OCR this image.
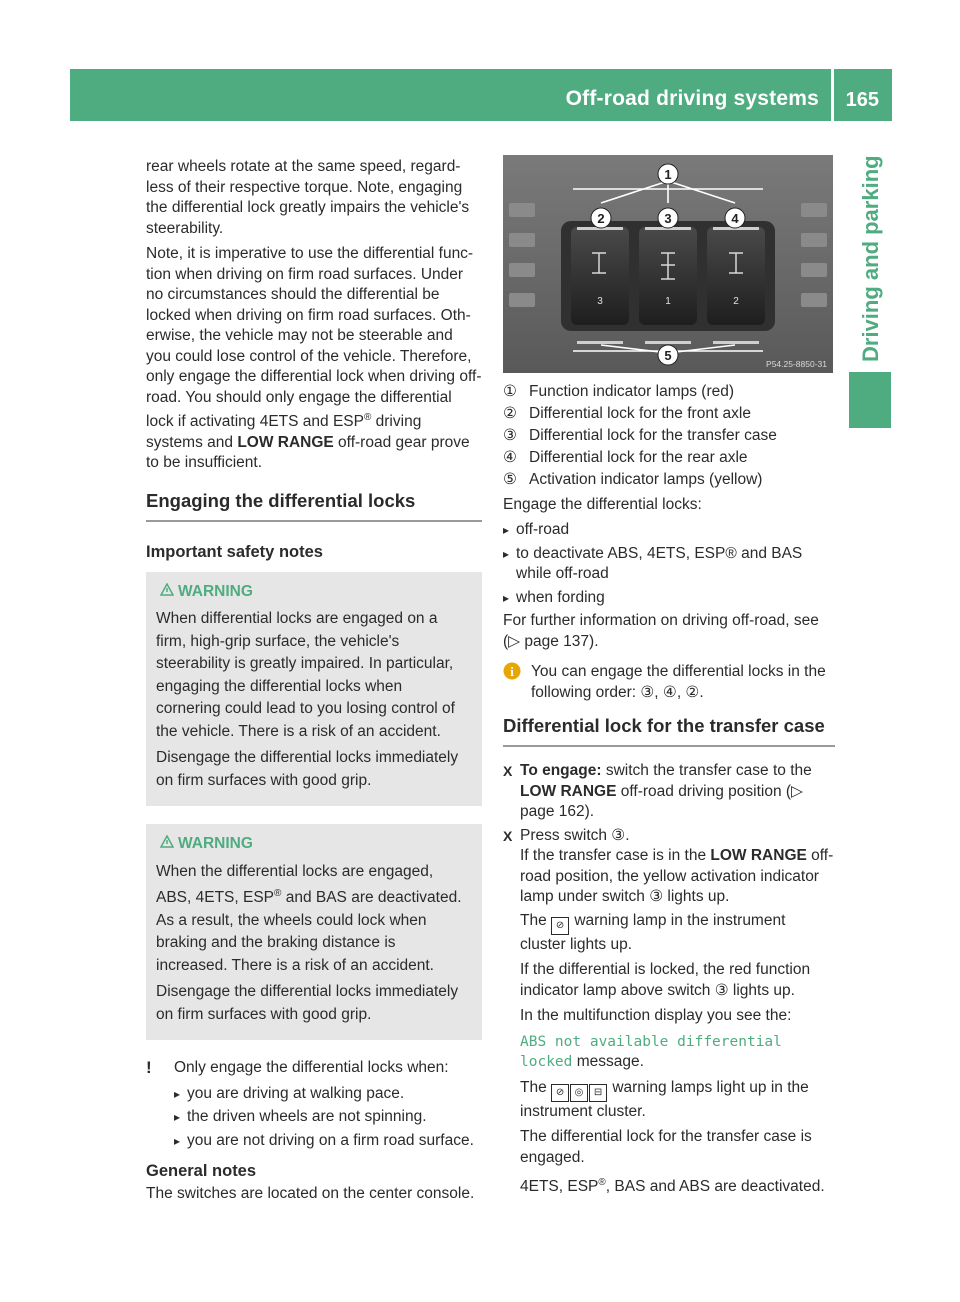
Off-road driving systems 165
Driving and parking

rear wheels rotate at the same speed, regard-less of their respective torque. Note, engaging the differential lock greatly impairs the vehicle's steerability.

Note, it is imperative to use the differential func-tion when driving on firm road surfaces. Under no circumstances should the differential be locked when driving on firm road surfaces. Oth-erwise, the vehicle may not be steerable and you could lose control of the vehicle. Therefore, only engage the differential lock when driving off-road. You should only engage the differential lock if activating 4ETS and ESP® driving systems and LOW RANGE off-road gear prove to be insufficient.

Engaging the differential locks
Important safety notes
WARNING

When differential locks are engaged on a firm, high-grip surface, the vehicle's steerability is greatly impaired. In particular, engaging the differential locks when cornering could lead to you losing control of the vehicle. There is a risk of an accident.

Disengage the differential locks immediately on firm surfaces with good grip.

WARNING

When the differential locks are engaged, ABS, 4ETS, ESP® and BAS are deactivated. As a result, the wheels could lock when braking and the braking distance is increased. There is a risk of an accident.

Disengage the differential locks immediately on firm surfaces with good grip.

! Only engage the differential locks when:

▸ you are driving at walking pace.
▸ the driven wheels are not spinning.
▸ you are not driving on a firm road surface.
General notes

The switches are located on the center console.

3	1	2
1
2	3	4
5
P54.25-8850-31
① Function indicator lamps (red)
② Differential lock for the front axle
③ Differential lock for the transfer case
④ Differential lock for the rear axle
⑤ Activation indicator lamps (yellow)

Engage the differential locks:

▸ off-road
▸ to deactivate ABS, 4ETS, ESP® and BAS while off-road
▸ when fording

For further information on driving off-road, see (▷ page 137).

i You can engage the differential locks in the following order: ③, ④, ②.
Differential lock for the transfer case
X To engage: switch the transfer case to the LOW RANGE off-road driving position (▷ page 162).
X Press switch ③.
If the transfer case is in the LOW RANGE off-road position, the yellow activation indicator lamp under switch ③ lights up.

The ⊘ warning lamp in the instrument cluster lights up.

If the differential is locked, the red function indicator lamp above switch ③ lights up.

In the multifunction display you see the:

ABS not available differential locked message.

The ⊘ ◎ ⊟ warning lamps light up in the instrument cluster.

The differential lock for the transfer case is engaged.

4ETS, ESP®, BAS and ABS are deactivated.
